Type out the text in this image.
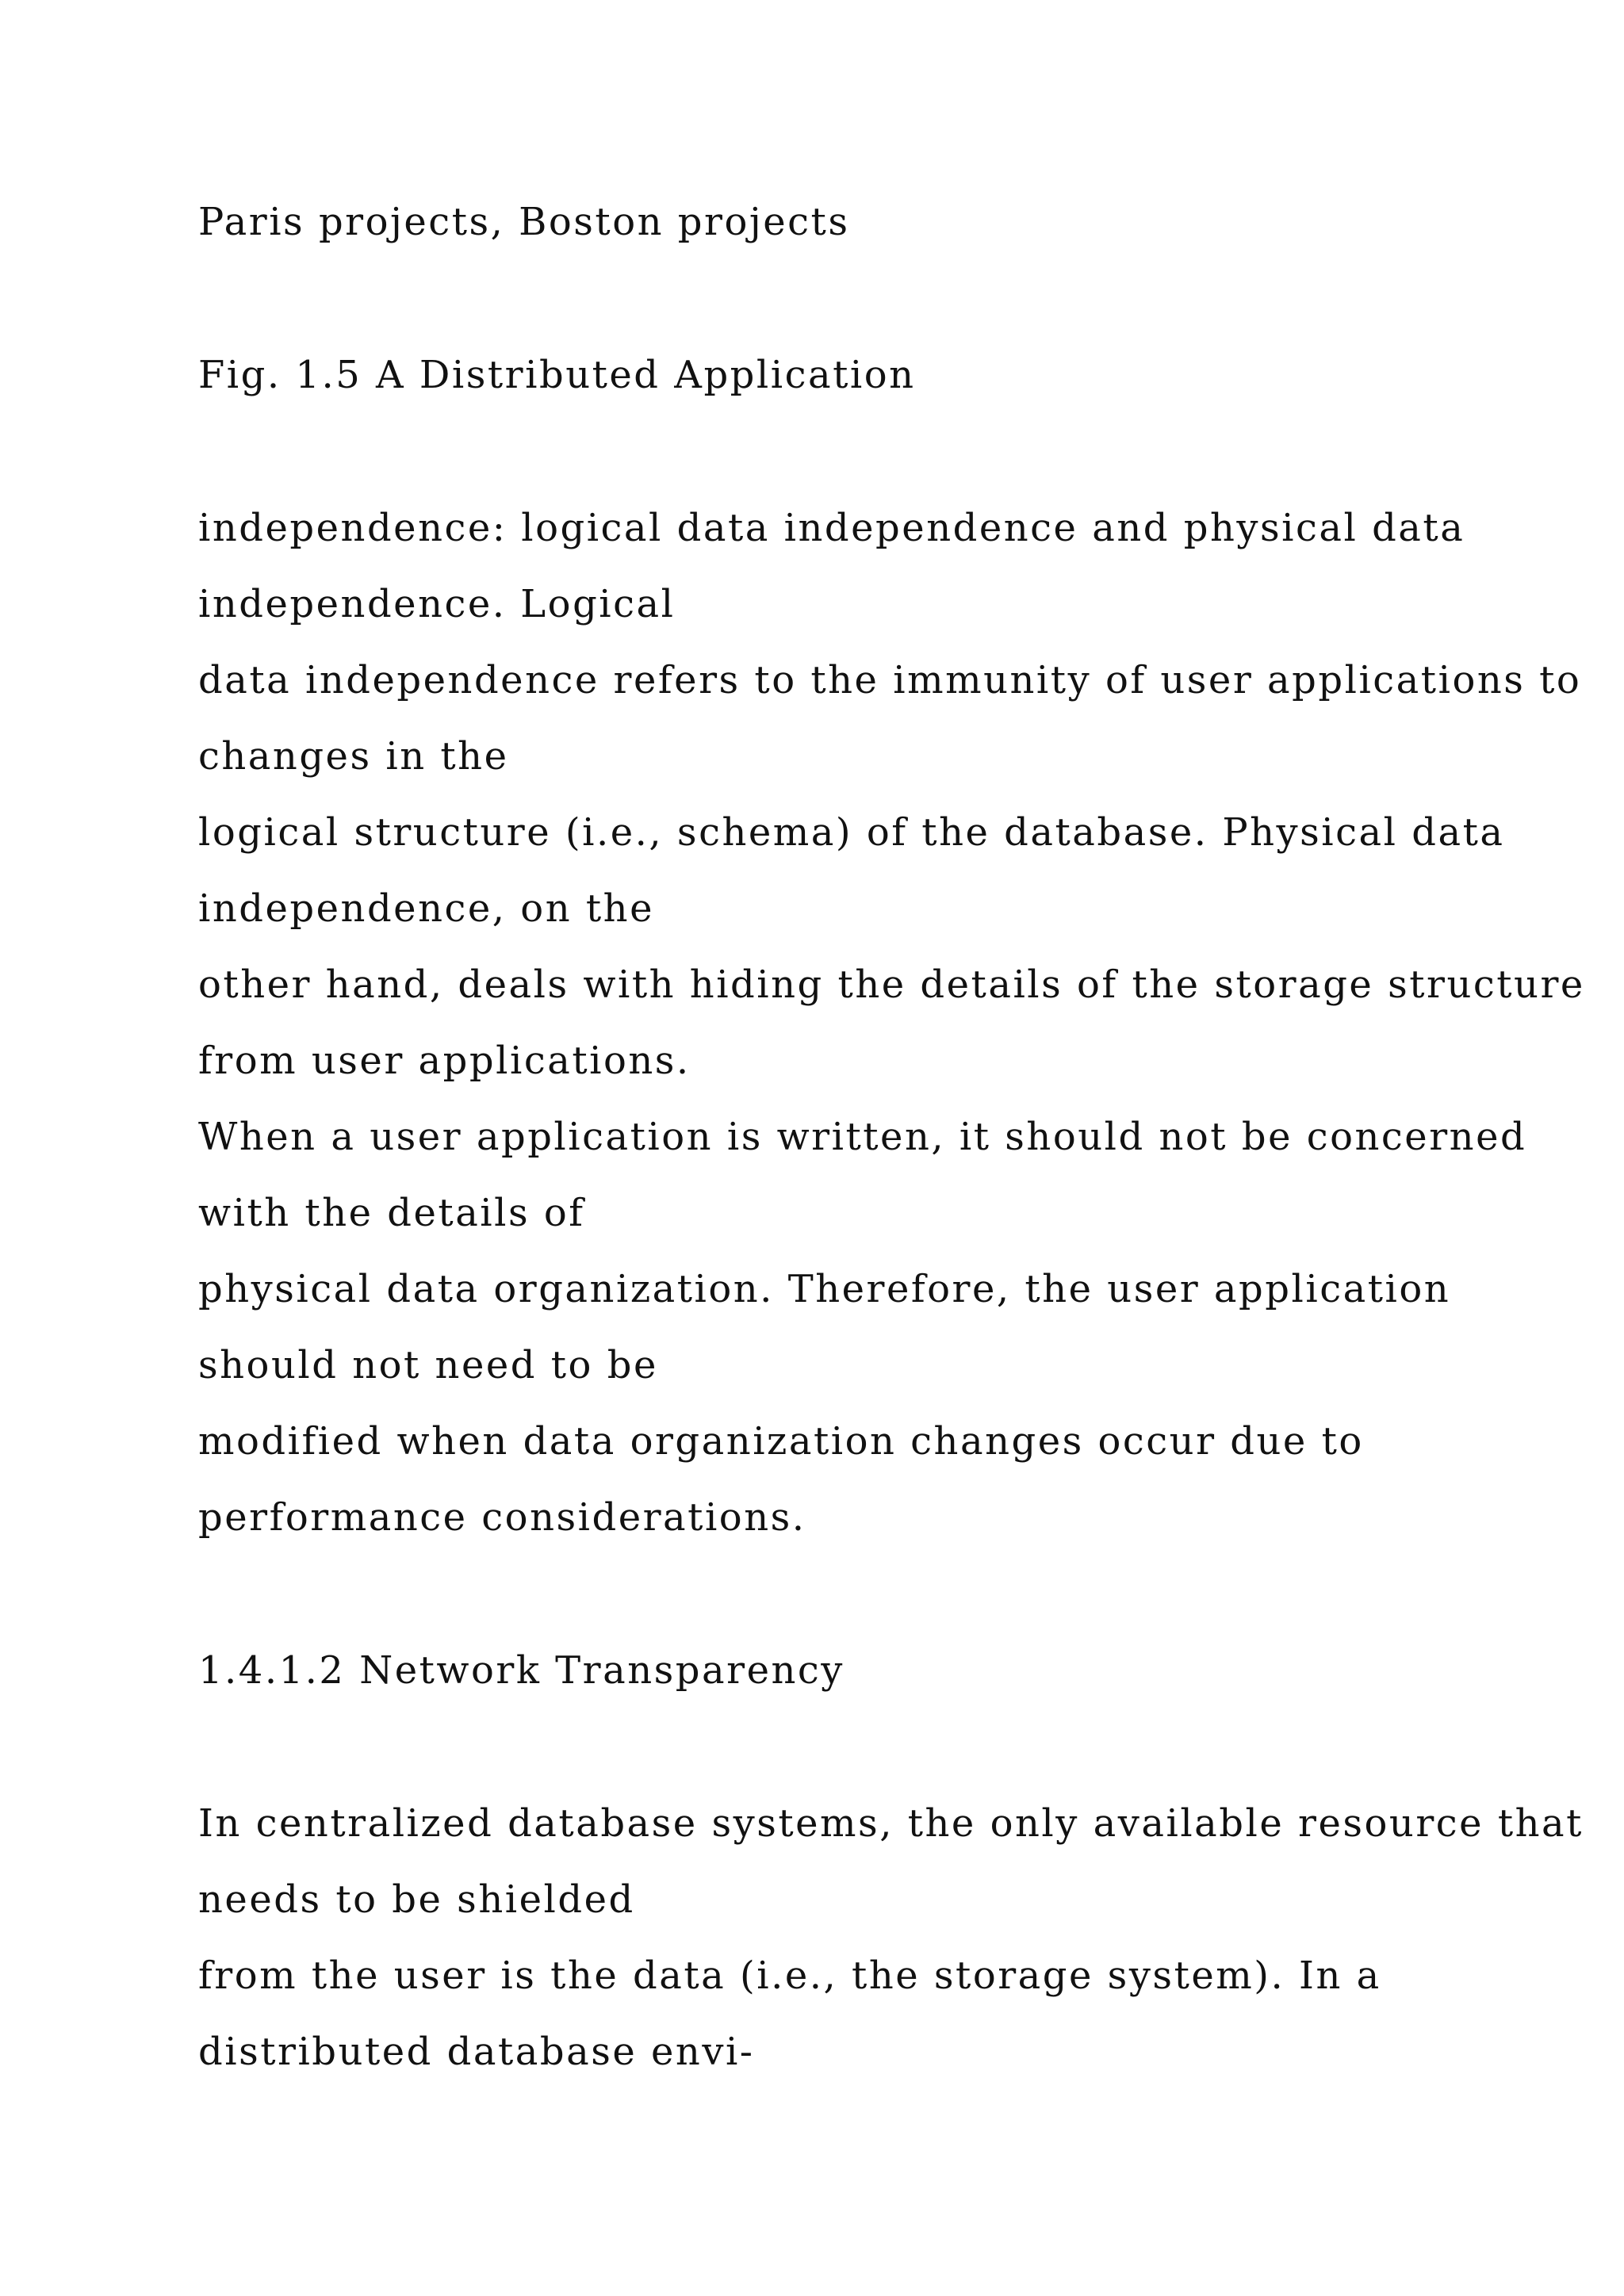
Paris projects, Boston projects

Fig. 1.5 A Distributed Application

independence: logical data independence and physical data

independence. Logical

data independence refers to the immunity of user applications to

changes in the

logical structure (i.e., schema) of the database. Physical data

independence, on the

other hand, deals with hiding the details of the storage structure

from user applications.

When a user application is written, it should not be concerned

with the details of

physical data organization. Therefore, the user application

should not need to be

modified when data organization changes occur due to

performance considerations.

1.4.1.2 Network Transparency

In centralized database systems, the only available resource that

needs to be shielded

from the user is the data (i.e., the storage system). In a

distributed database envi-
